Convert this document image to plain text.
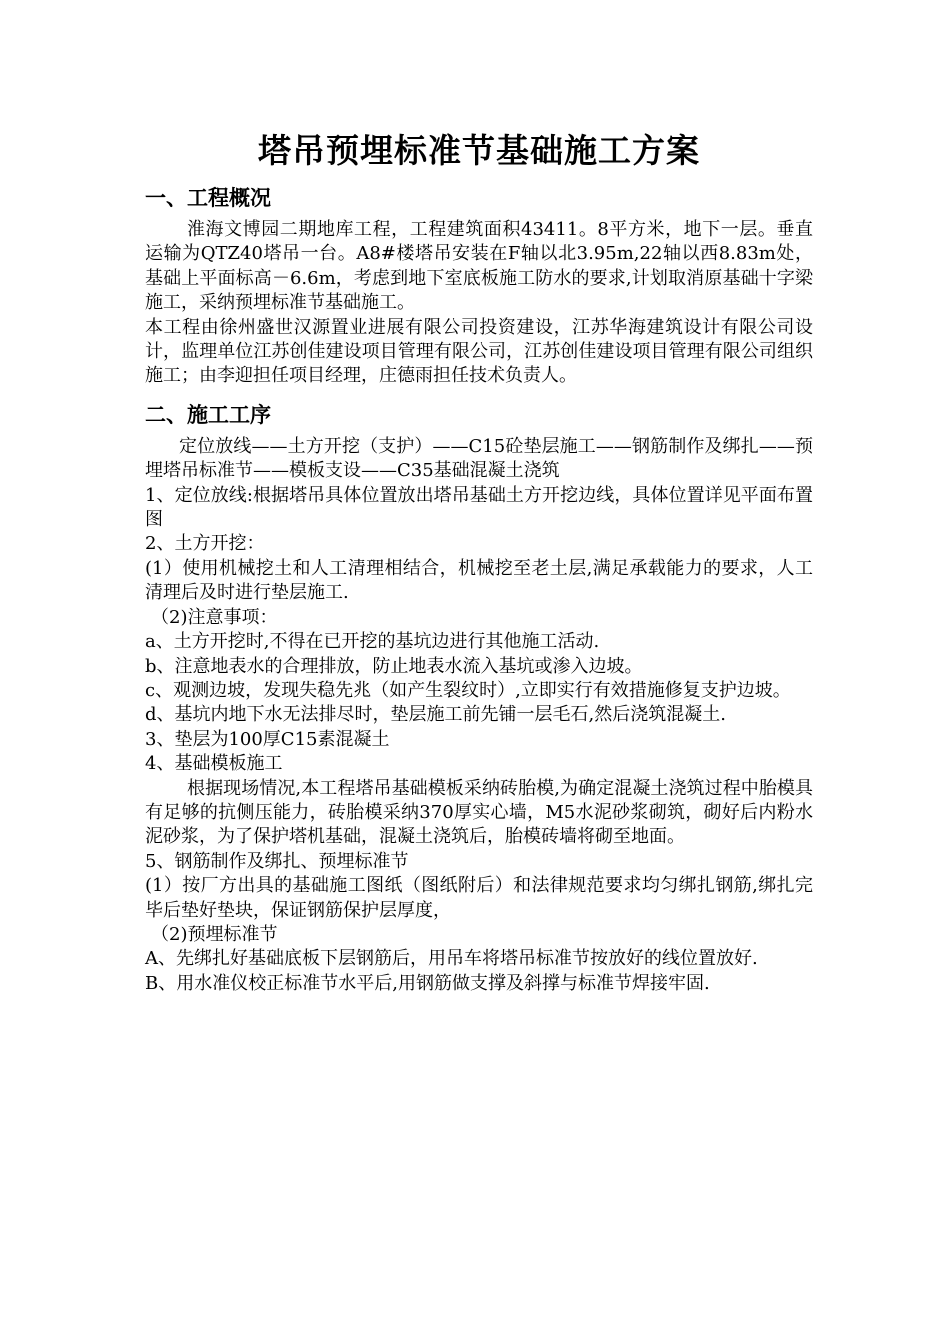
塔吊预埋标准节基础施工方案
一、工程概况

淮海文博园二期地库工程，工程建筑面积43411。8平方米，地下一层。垂直运输为QTZ40塔吊一台。A8#楼塔吊安装在F轴以北3.95m,22轴以西8.83m处，基础上平面标高－6.6m，考虑到地下室底板施工防水的要求,计划取消原基础十字梁施工，采纳预埋标准节基础施工。

本工程由徐州盛世汉源置业进展有限公司投资建设，江苏华海建筑设计有限公司设计，监理单位江苏创佳建设项目管理有限公司，江苏创佳建设项目管理有限公司组织施工；由李迎担任项目经理，庄德雨担任技术负责人。

二、施工工序

定位放线——土方开挖（支护）——C15砼垫层施工——钢筋制作及绑扎——预埋塔吊标准节——模板支设——C35基础混凝土浇筑

1、定位放线:根据塔吊具体位置放出塔吊基础土方开挖边线，具体位置详见平面布置图

2、土方开挖：

(1）使用机械挖土和人工清理相结合，机械挖至老土层,满足承载能力的要求，人工清理后及时进行垫层施工.

（2)注意事项：

a、土方开挖时,不得在已开挖的基坑边进行其他施工活动.

b、注意地表水的合理排放，防止地表水流入基坑或渗入边坡。

c、观测边坡，发现失稳先兆（如产生裂纹时）,立即实行有效措施修复支护边坡。

d、基坑内地下水无法排尽时，垫层施工前先铺一层毛石,然后浇筑混凝土.

3、垫层为100厚C15素混凝土

4、基础模板施工

根据现场情况,本工程塔吊基础模板采纳砖胎模,为确定混凝土浇筑过程中胎模具有足够的抗侧压能力，砖胎模采纳370厚实心墙，M5水泥砂浆砌筑，砌好后内粉水泥砂浆，为了保护塔机基础，混凝土浇筑后，胎模砖墙将砌至地面。

5、钢筋制作及绑扎、预埋标准节

(1）按厂方出具的基础施工图纸（图纸附后）和法律规范要求均匀绑扎钢筋,绑扎完毕后垫好垫块，保证钢筋保护层厚度，

（2)预埋标准节

A、先绑扎好基础底板下层钢筋后，用吊车将塔吊标准节按放好的线位置放好.

B、用水准仪校正标准节水平后,用钢筋做支撑及斜撑与标准节焊接牢固.
